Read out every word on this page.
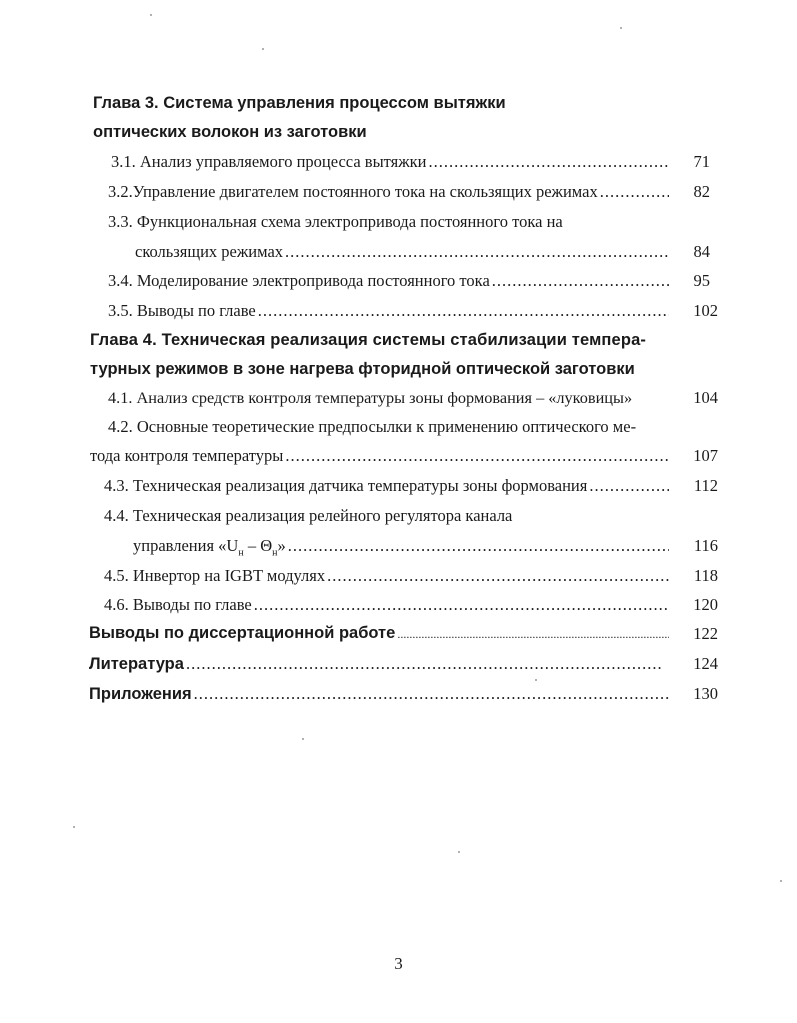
Глава 3. Система управления процессом вытяжки
оптических волокон из заготовки
3.1. Анализ управляемого процесса вытяжки .....	71
3.2.Управление двигателем постоянного тока на скользящих режимах .....	82
3.3. Функциональная схема электропривода постоянного тока на
скользящих режимах .....	84
3.4. Моделирование электропривода постоянного тока .....	95
3.5. Выводы по главе .....	102
Глава 4. Техническая реализация системы стабилизации темпера-
турных режимов в зоне нагрева фторидной оптической заготовки
4.1. Анализ средств контроля температуры зоны формования – «луковицы»	104
4.2. Основные теоретические предпосылки к применению оптического ме-
тода контроля температуры .....	107
4.3. Техническая реализация датчика температуры зоны формования .....	112
4.4. Техническая реализация релейного регулятора канала
управления «$U_н - \Theta_н$» .....	116
4.5. Инвертор на IGBT модулях .....	118
4.6. Выводы по главе .....	120
Выводы по диссертационной работе .....	122
Литература .....	124
Приложения .....	130
3
